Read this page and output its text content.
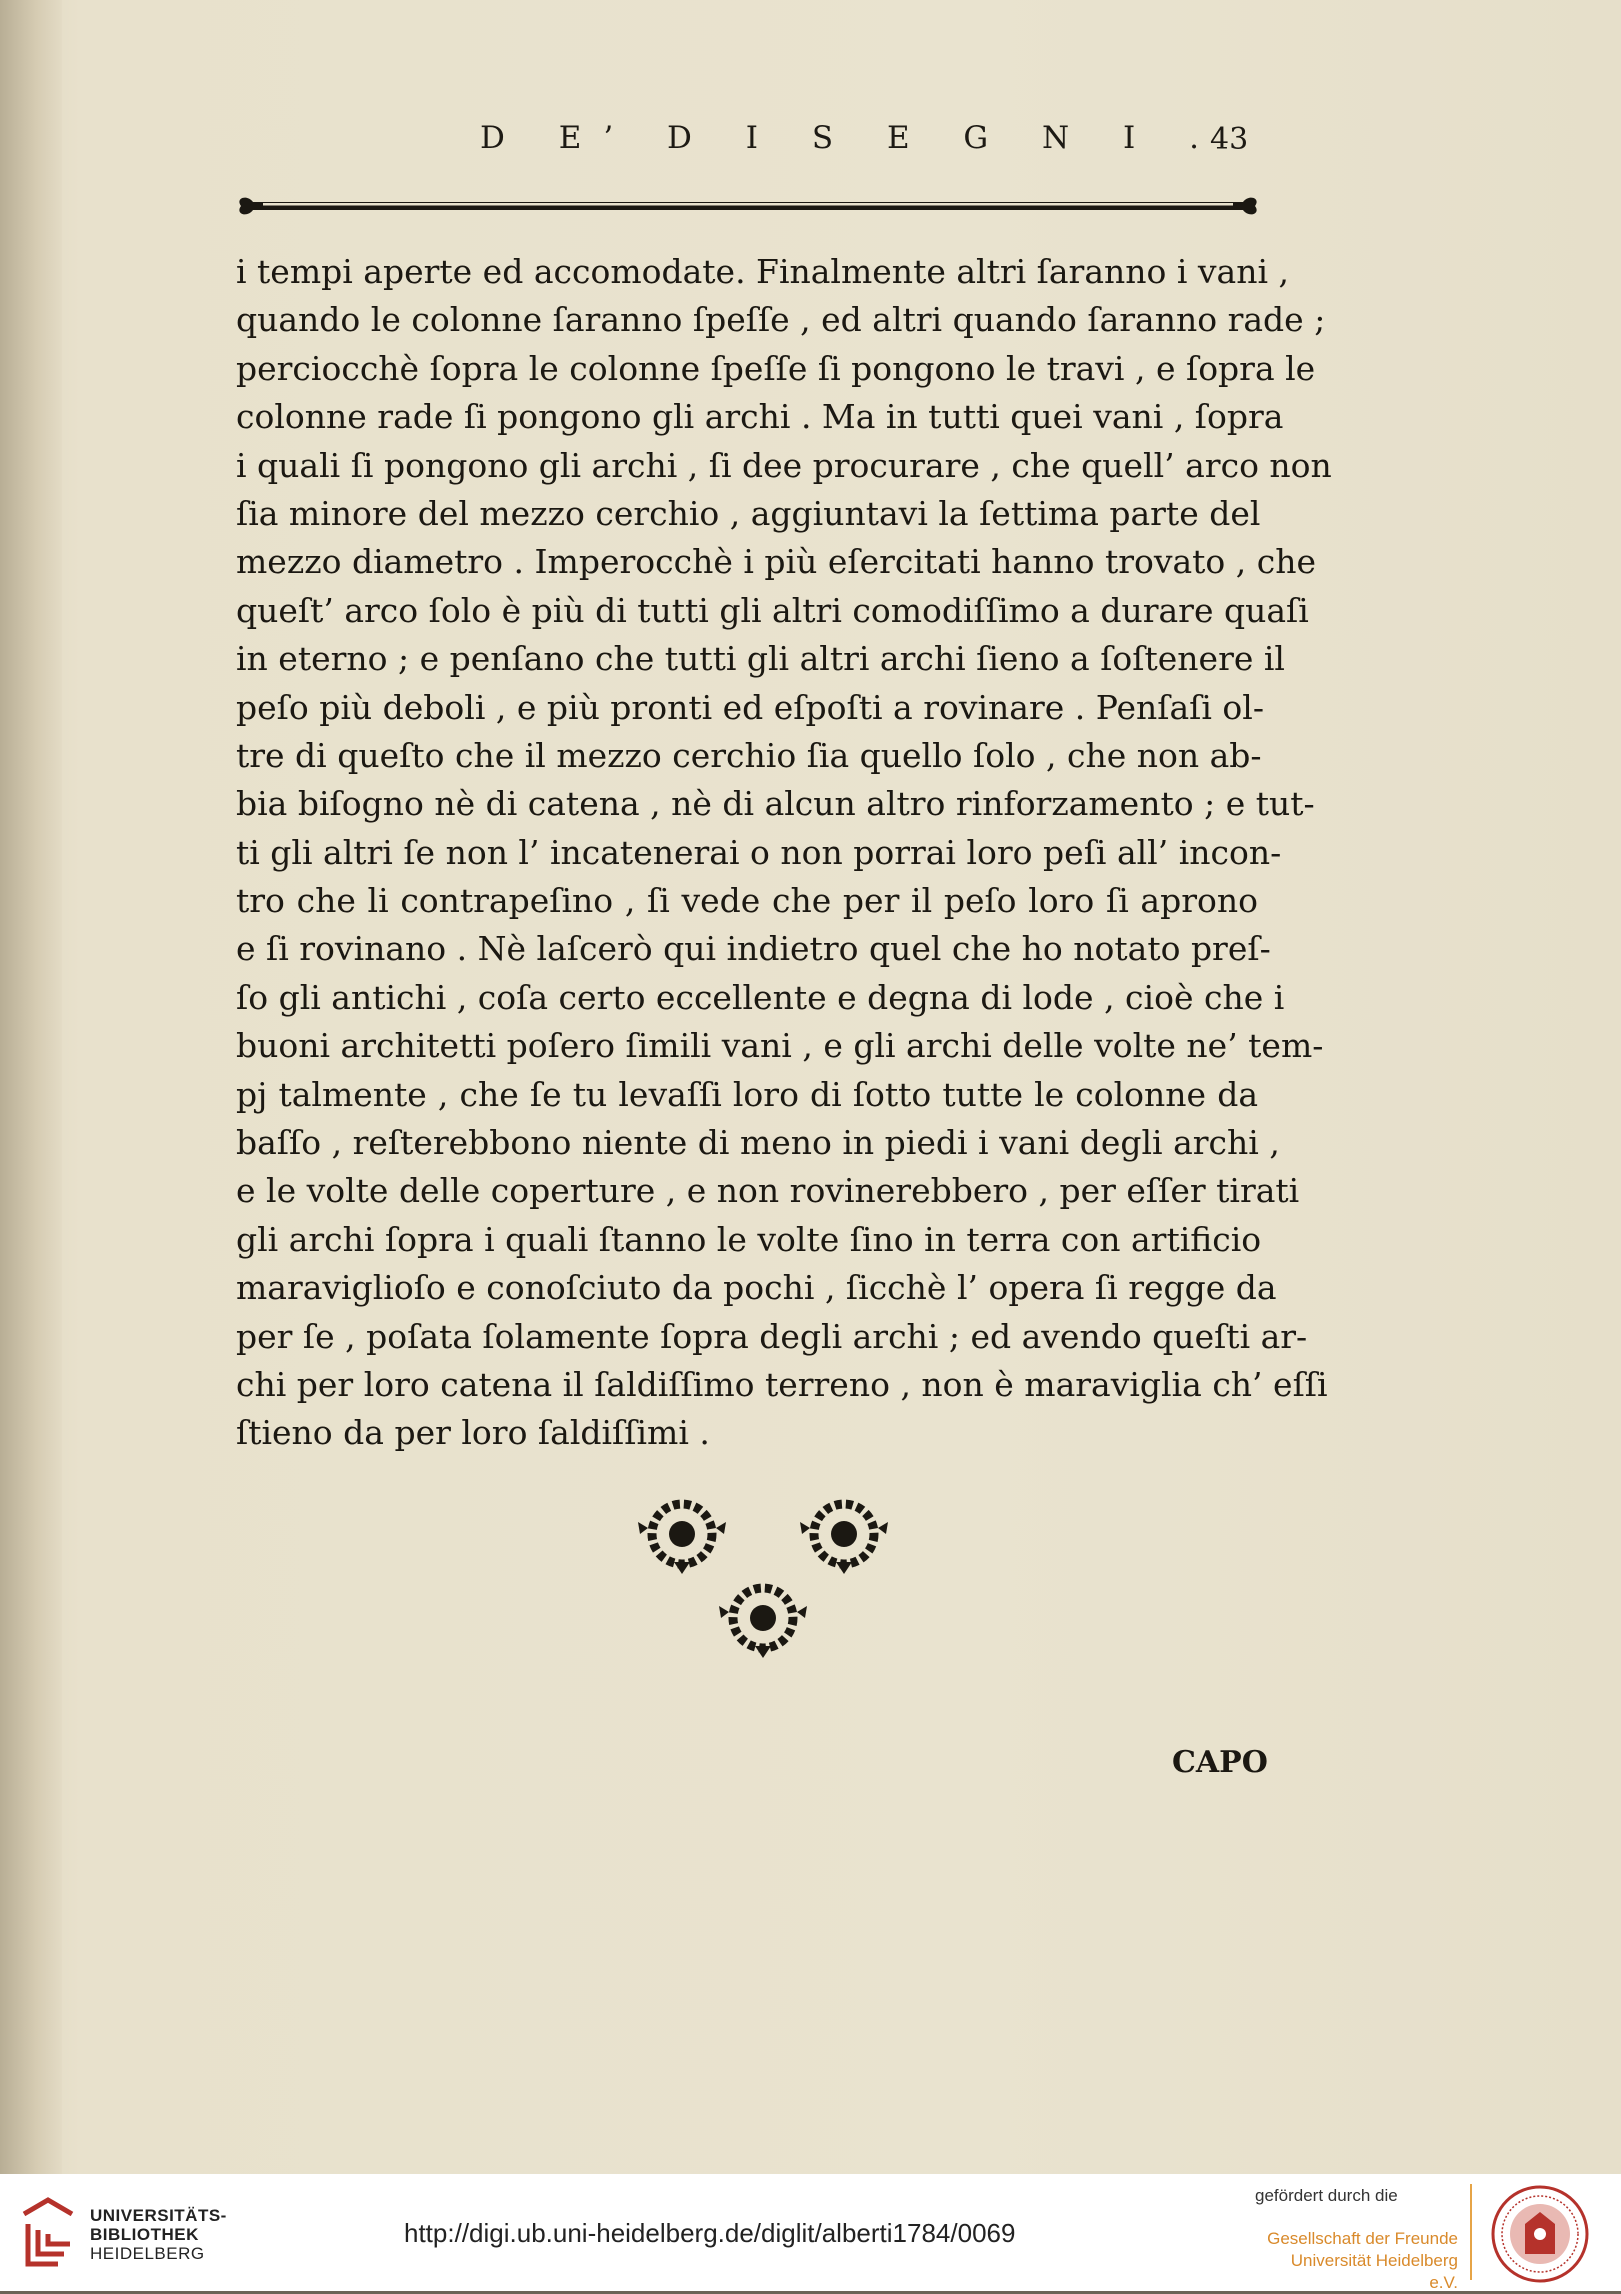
D E’ D I S E G N I .
43
i tempi aperte ed accomodate. Finalmente altri ſaranno i vani ,
quando le colonne ſaranno ſpeſſe , ed altri quando ſaranno rade ;
perciocchè ſopra le colonne ſpeſſe ſi pongono le travi , e ſopra le
colonne rade ſi pongono gli archi . Ma in tutti quei vani , ſopra
i quali ſi pongono gli archi , ſi dee procurare , che quell’ arco non
ſia minore del mezzo cerchio , aggiuntavi la ſettima parte del
mezzo diametro . Imperocchè i più eſercitati hanno trovato , che
queſt’ arco ſolo è più di tutti gli altri comodiſſimo a durare quaſi
in eterno ; e penſano che tutti gli altri archi ſieno a ſoſtenere il
peſo più deboli , e più pronti ed eſpoſti a rovinare . Penſaſi ol-
tre di queſto che il mezzo cerchio ſia quello ſolo , che non ab-
bia biſogno nè di catena , nè di alcun altro rinforzamento ; e tut-
ti gli altri ſe non l’ incatenerai o non porrai loro peſi all’ incon-
tro che li contrapeſino , ſi vede che per il peſo loro ſi aprono
e ſi rovinano . Nè laſcerò qui indietro quel che ho notato preſ-
ſo gli antichi , coſa certo eccellente e degna di lode , cioè che i
buoni architetti poſero ſimili vani , e gli archi delle volte ne’ tem-
pj talmente , che ſe tu levaſſi loro di ſotto tutte le colonne da
baſſo , reſterebbono niente di meno in piedi i vani degli archi ,
e le volte delle coperture , e non rovinerebbero , per eſſer tirati
gli archi ſopra i quali ſtanno le volte ſino in terra con artificio
maraviglioſo e conoſciuto da pochi , ſicchè l’ opera ſi regge da
per ſe , poſata ſolamente ſopra degli archi ; ed avendo queſti ar-
chi per loro catena il ſaldiſſimo terreno , non è maraviglia ch’ eſſi
ſtieno da per loro ſaldiſſimi .
CAPO
UNIVERSITÄTS-
BIBLIOTHEK
HEIDELBERG
http://digi.ub.uni-heidelberg.de/diglit/alberti1784/0069
gefördert durch die
Gesellschaft der Freunde
Universität Heidelberg e.V.
